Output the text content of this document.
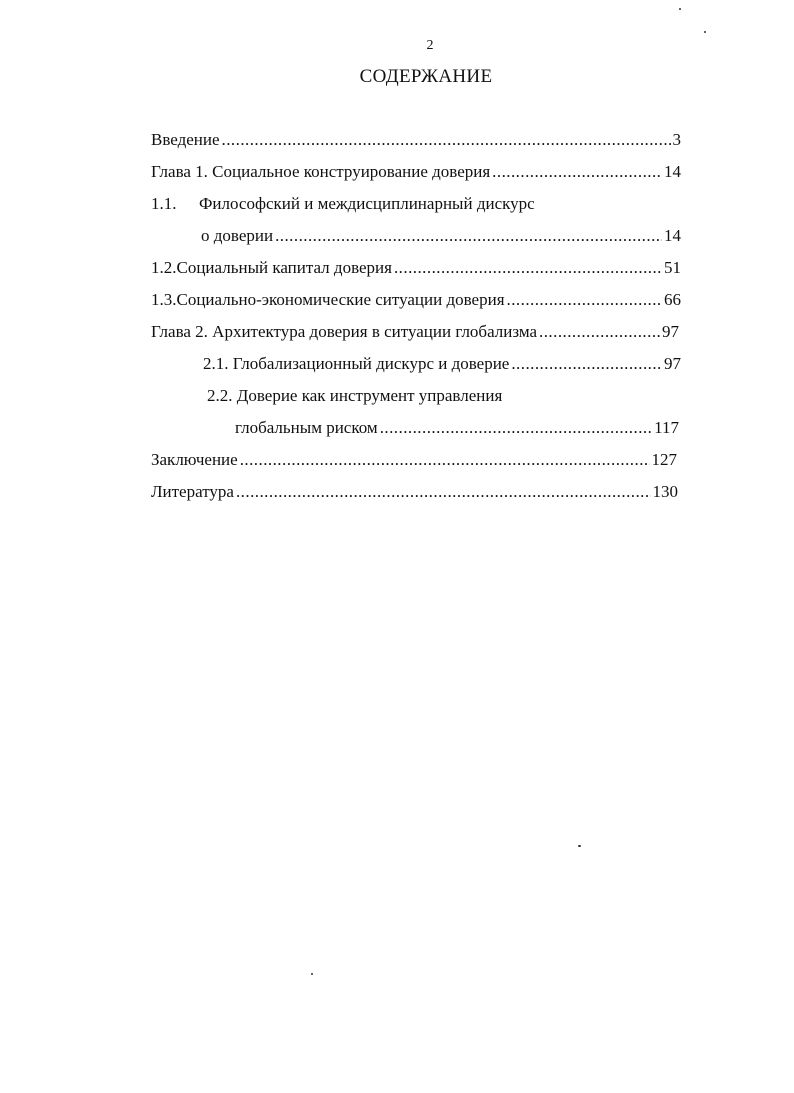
2
СОДЕРЖАНИЕ
Введение . . .	3
Глава 1. Социальное конструирование доверия . . .	14
1.1. Философский и междисциплинарный дискурс
о доверии . . .	14
1.2. Социальный капитал доверия . . .	51
1.3. Социально-экономические ситуации доверия . . .	66
Глава 2. Архитектура доверия в ситуации глобализма . . .	97
2.1. Глобализационный дискурс и доверие . . .	97
2.2. Доверие как инструмент управления
глобальным риском . . .	117
Заключение . . .	127
Литература . . .	130
